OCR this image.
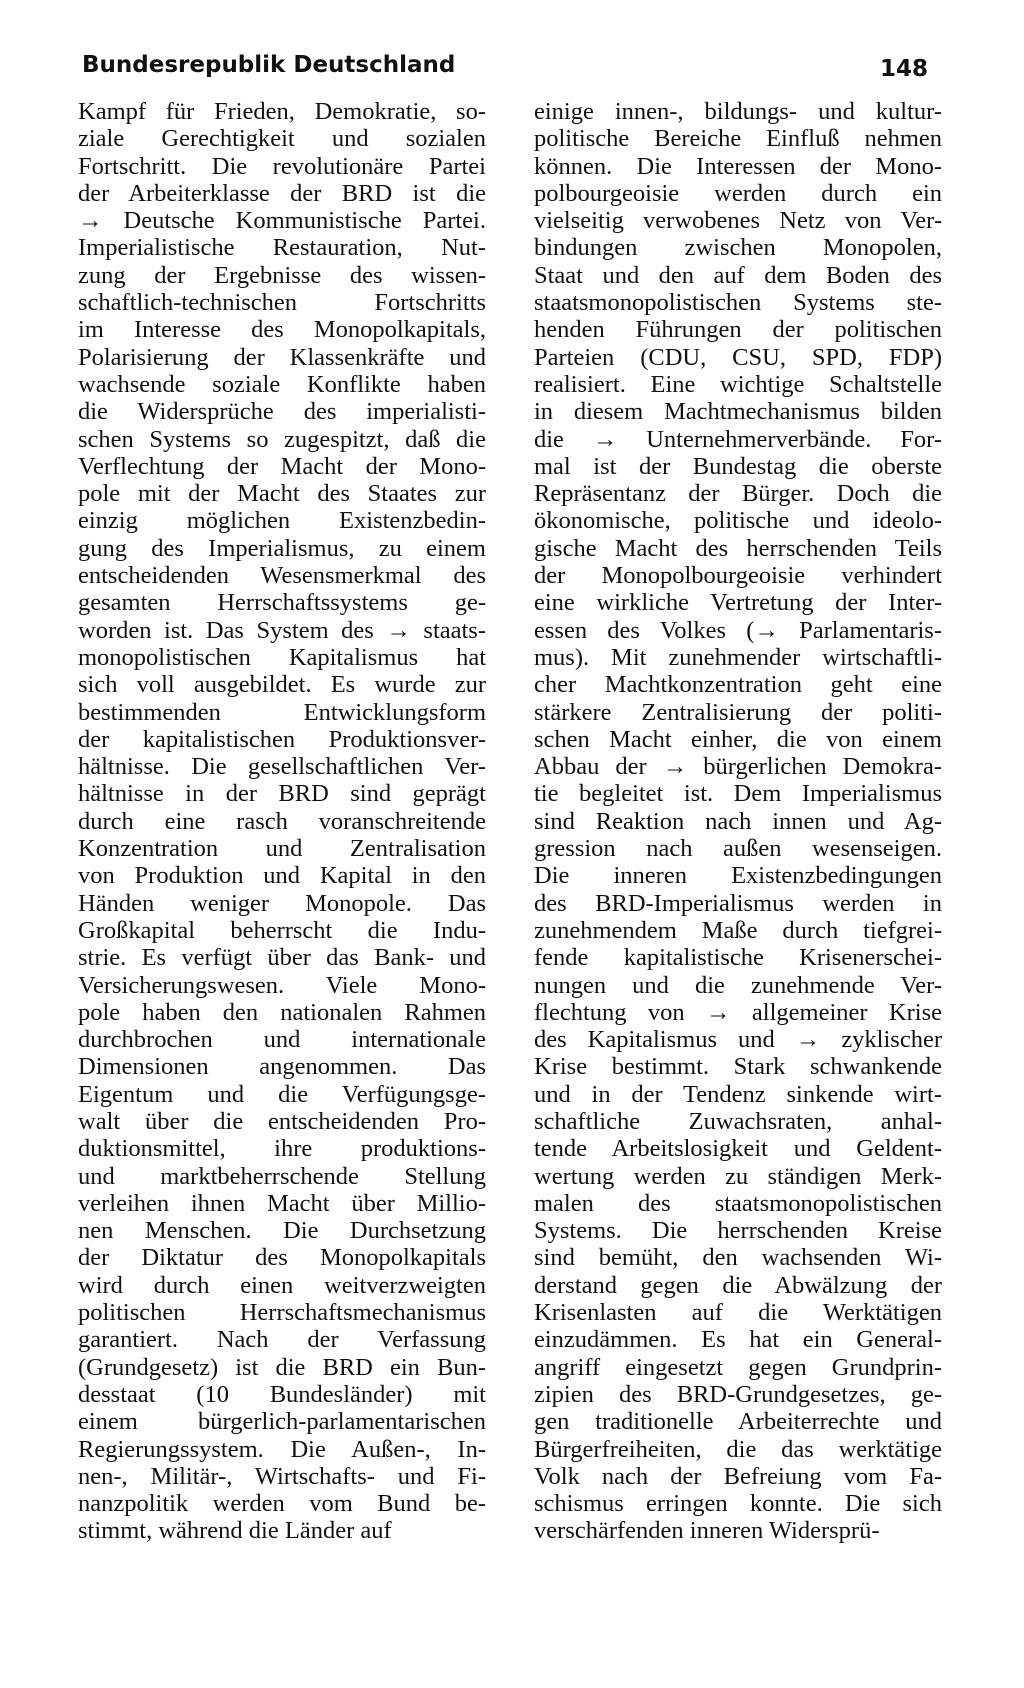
Bundesrepublik Deutschland	148
Kampf für Frieden, Demokratie, so-
ziale Gerechtigkeit und sozialen
Fortschritt. Die revolutionäre Partei
der Arbeiterklasse der BRD ist die
→ Deutsche Kommunistische Partei.
Imperialistische Restauration, Nut-
zung der Ergebnisse des wissen-
schaftlich-technischen Fortschritts
im Interesse des Monopolkapitals,
Polarisierung der Klassenkräfte und
wachsende soziale Konflikte haben
die Widersprüche des imperialisti-
schen Systems so zugespitzt, daß die
Verflechtung der Macht der Mono-
pole mit der Macht des Staates zur
einzig möglichen Existenzbedin-
gung des Imperialismus, zu einem
entscheidenden Wesensmerkmal des
gesamten Herrschaftssystems ge-
worden ist. Das System des → staats-
monopolistischen Kapitalismus hat
sich voll ausgebildet. Es wurde zur
bestimmenden Entwicklungsform
der kapitalistischen Produktionsver-
hältnisse. Die gesellschaftlichen Ver-
hältnisse in der BRD sind geprägt
durch eine rasch voranschreitende
Konzentration und Zentralisation
von Produktion und Kapital in den
Händen weniger Monopole. Das
Großkapital beherrscht die Indu-
strie. Es verfügt über das Bank- und
Versicherungswesen. Viele Mono-
pole haben den nationalen Rahmen
durchbrochen und internationale
Dimensionen angenommen. Das
Eigentum und die Verfügungsge-
walt über die entscheidenden Pro-
duktionsmittel, ihre produktions-
und marktbeherrschende Stellung
verleihen ihnen Macht über Millio-
nen Menschen. Die Durchsetzung
der Diktatur des Monopolkapitals
wird durch einen weitverzweigten
politischen Herrschaftsmechanismus
garantiert. Nach der Verfassung
(Grundgesetz) ist die BRD ein Bun-
desstaat (10 Bundesländer) mit
einem bürgerlich-parlamentarischen
Regierungssystem. Die Außen-, In-
nen-, Militär-, Wirtschafts- und Fi-
nanzpolitik werden vom Bund be-
stimmt, während die Länder auf
einige innen-, bildungs- und kultur-
politische Bereiche Einfluß nehmen
können. Die Interessen der Mono-
polbourgeoisie werden durch ein
vielseitig verwobenes Netz von Ver-
bindungen zwischen Monopolen,
Staat und den auf dem Boden des
staatsmonopolistischen Systems ste-
henden Führungen der politischen
Parteien (CDU, CSU, SPD, FDP)
realisiert. Eine wichtige Schaltstelle
in diesem Machtmechanismus bilden
die → Unternehmerverbände. For-
mal ist der Bundestag die oberste
Repräsentanz der Bürger. Doch die
ökonomische, politische und ideolo-
gische Macht des herrschenden Teils
der Monopolbourgeoisie verhindert
eine wirkliche Vertretung der Inter-
essen des Volkes (→ Parlamentaris-
mus). Mit zunehmender wirtschaftli-
cher Machtkonzentration geht eine
stärkere Zentralisierung der politi-
schen Macht einher, die von einem
Abbau der → bürgerlichen Demokra-
tie begleitet ist. Dem Imperialismus
sind Reaktion nach innen und Ag-
gression nach außen wesenseigen.
Die inneren Existenzbedingungen
des BRD-Imperialismus werden in
zunehmendem Maße durch tiefgrei-
fende kapitalistische Krisenerschei-
nungen und die zunehmende Ver-
flechtung von → allgemeiner Krise
des Kapitalismus und → zyklischer
Krise bestimmt. Stark schwankende
und in der Tendenz sinkende wirt-
schaftliche Zuwachsraten, anhal-
tende Arbeitslosigkeit und Geldent-
wertung werden zu ständigen Merk-
malen des staatsmonopolistischen
Systems. Die herrschenden Kreise
sind bemüht, den wachsenden Wi-
derstand gegen die Abwälzung der
Krisenlasten auf die Werktätigen
einzudämmen. Es hat ein General-
angriff eingesetzt gegen Grundprin-
zipien des BRD-Grundgesetzes, ge-
gen traditionelle Arbeiterrechte und
Bürgerfreiheiten, die das werktätige
Volk nach der Befreiung vom Fa-
schismus erringen konnte. Die sich
verschärfenden inneren Widersprü-
